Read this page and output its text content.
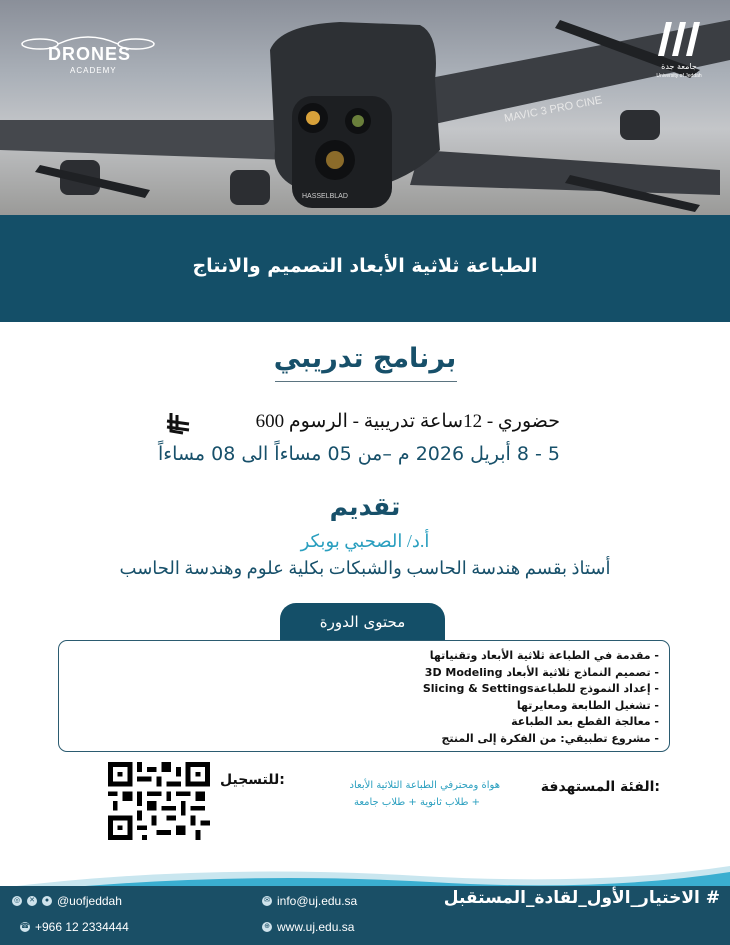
HASSELBLAD
MAVIC 3 PRO CINE
DRONES
ACADEMY	جامعة جدة
University of Jeddah
الطباعة ثلاثية الأبعاد التصميم والانتاج
برنامج تدريبي
حضوري - 12ساعة تدريبية - الرسوم 600
5 - 8 أبريل 2026 م –من 05 مساءاً الى 08 مساءاً
تقديم
أ.د/ الصحبي بوبكر
أستاذ بقسم هندسة الحاسب والشبكات بكلية علوم وهندسة الحاسب
محتوى الدورة
- مقدمة في الطباعة ثلاثية الأبعاد وتقنياتها
- تصميم النماذج ثلاثية الأبعاد 3D Modeling
- إعداد النموذج للطباعةSlicing & Settings
- تشغيل الطابعة ومعايرتها
- معالجة القطع بعد الطباعة
- مشروع تطبيقي: من الفكرة إلى المنتج
للتسجيل:	الفئة المستهدفة:
هواة ومحترفي الطباعة الثلاثية الأبعاد
+ طلاب ثانوية + طلاب جامعة
◎ ✕	● @uofjeddah
☎ +966 12 2334444
✉ info@uj.edu.sa
⊕ www.uj.edu.sa
# الاختيار_الأول_لقادة_المستقبل
